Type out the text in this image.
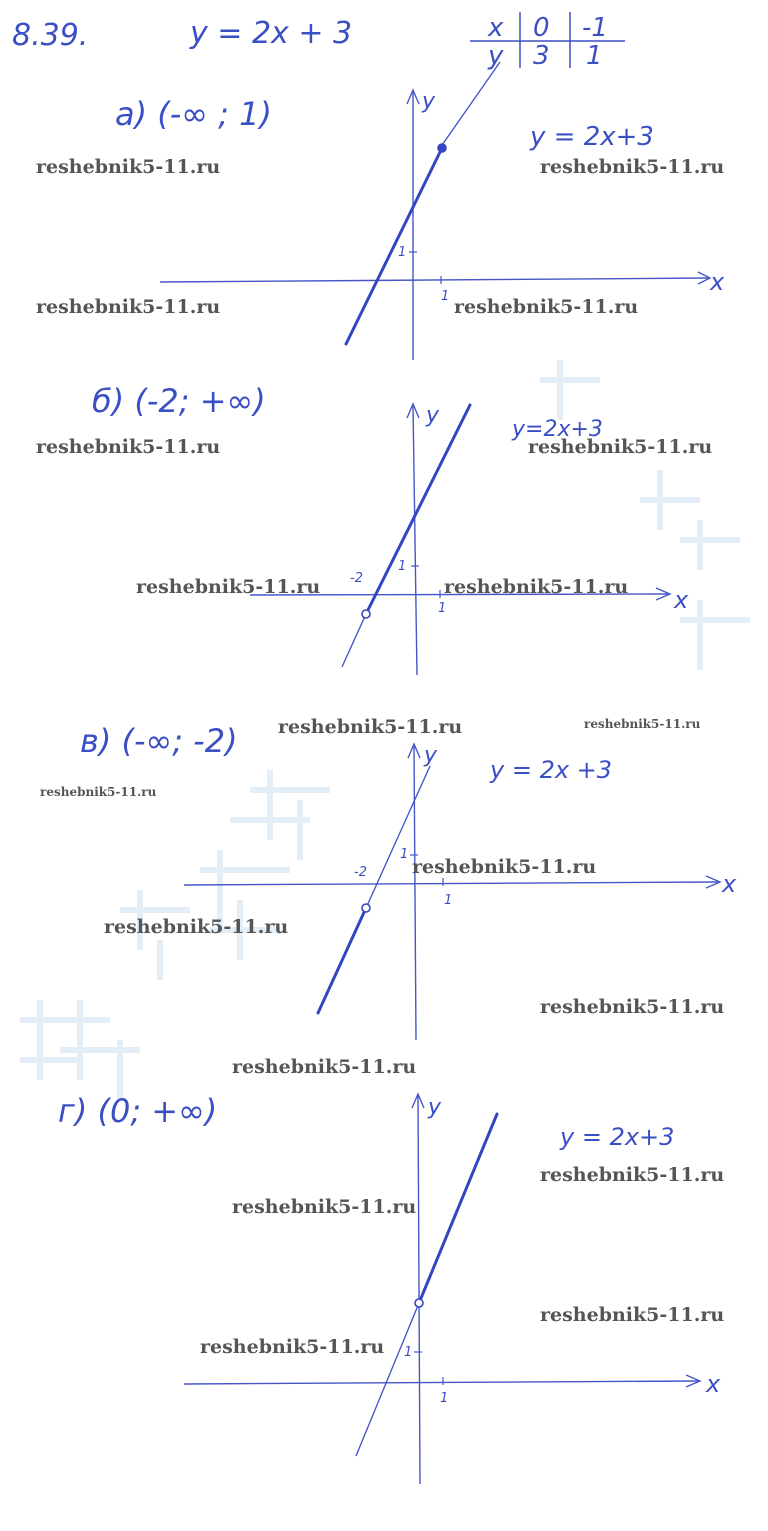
8.39.	y = 2x + 3	x 0 -1
y 3 1
а) (-∞ ; 1)
y = 2x+3
x
y
1
1
б) (-2; +∞)
y=2x+3
x
y
1
1
-2
в) (-∞; -2)
y = 2x +3
x
y
1
1
-2
г) (0; +∞)
y = 2x+3
x
y
1
1
reshebnik5-11.ru	reshebnik5-11.ru
reshebnik5-11.ru	reshebnik5-11.ru
reshebnik5-11.ru	reshebnik5-11.ru
reshebnik5-11.ru	reshebnik5-11.ru
reshebnik5-11.ru	reshebnik5-11.ru
reshebnik5-11.ru
reshebnik5-11.ru
reshebnik5-11.ru
reshebnik5-11.ru
reshebnik5-11.ru
reshebnik5-11.ru
reshebnik5-11.ru
reshebnik5-11.ru
reshebnik5-11.ru
